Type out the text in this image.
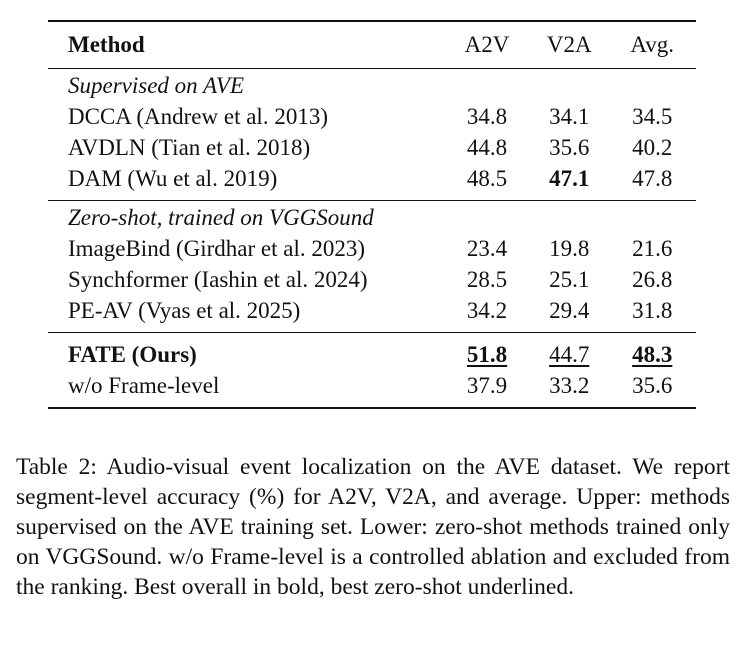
Method	A2V	V2A	Avg.
Supervised on AVE			
DCCA (Andrew et al. 2013)	34.8	34.1	34.5
AVDLN (Tian et al. 2018)	44.8	35.6	40.2
DAM (Wu et al. 2019)	48.5	47.1	47.8
Zero-shot, trained on VGGSound			
ImageBind (Girdhar et al. 2023)	23.4	19.8	21.6
Synchformer (Iashin et al. 2024)	28.5	25.1	26.8
PE-AV (Vyas et al. 2025)	34.2	29.4	31.8
FATE (Ours)	51.8	44.7	48.3
w/o Frame-level	37.9	33.2	35.6
Table 2: Audio-visual event localization on the AVE dataset. We report segment-level accuracy (%) for A2V, V2A, and average. Upper: methods supervised on the AVE training set. Lower: zero-shot methods trained only on VGGSound. w/o Frame-level is a controlled ablation and excluded from the ranking. Best overall in bold, best zero-shot underlined.
